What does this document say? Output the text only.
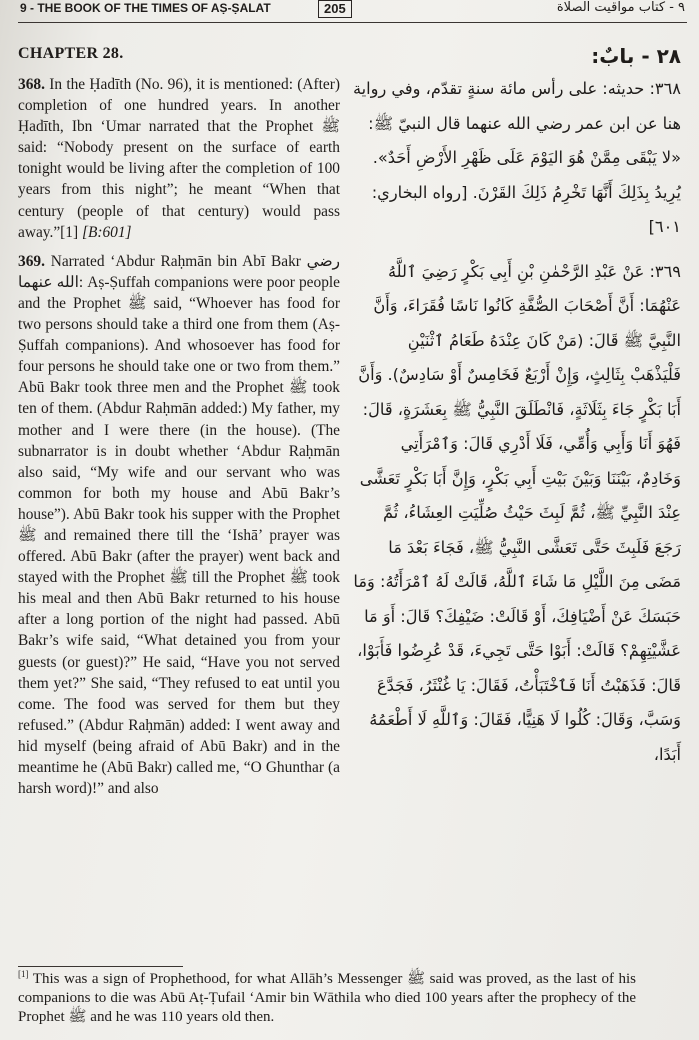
9 - THE BOOK OF THE TIMES OF AṢ-ṢALAT	205	٩ - كتاب مواقيت الصلاة
CHAPTER 28.
368. In the Ḥadīth (No. 96), it is mentioned: (After) completion of one hundred years. In another Ḥadīth, Ibn ‘Umar narrated that the Prophet ﷺ said: “Nobody present on the surface of earth tonight would be living after the completion of 100 years from this night”; he meant “When that century (people of that century) would pass away.”[1] [B:601]
369. Narrated ‘Abdur Raḥmān bin Abī Bakr رضي الله عنهما: Aṣ-Ṣuffah companions were poor people and the Prophet ﷺ said, “Whoever has food for two persons should take a third one from them (Aṣ-Ṣuffah companions). And whosoever has food for four persons he should take one or two from them.” Abū Bakr took three men and the Prophet ﷺ took ten of them. (Abdur Raḥmān added:) My father, my mother and I were there (in the house). (The subnarrator is in doubt whether ‘Abdur Raḥmān also said, “My wife and our servant who was common for both my house and Abū Bakr’s house”). Abū Bakr took his supper with the Prophet ﷺ and remained there till the ‘Ishā’ prayer was offered. Abū Bakr (after the prayer) went back and stayed with the Prophet ﷺ till the Prophet ﷺ took his meal and then Abū Bakr returned to his house after a long portion of the night had passed. Abū Bakr’s wife said, “What detained you from your guests (or guest)?” He said, “Have you not served them yet?” She said, “They refused to eat until you come. The food was served for them but they refused.” (Abdur Raḥmān) added: I went away and hid myself (being afraid of Abū Bakr) and in the meantime he (Abū Bakr) called me, “O Ghunthar (a harsh word)!” and also
٢٨ - بابٌ:
٣٦٨: حديثه: على رأس مائة سنةٍ تقدّم، وفي رواية هنا عن ابن عمر رضي الله عنهما قال النبيّ ﷺ: «لا يَبْقَى مِمَّنْ هُوَ اليَوْمَ عَلَى ظَهْرِ الأَرْضِ أَحَدٌ». يُرِيدُ بِذَلِكَ أَنَّهَا تَخْرِمُ ذَلِكَ القَرْنَ. [رواه البخاري: ٦٠١]
٣٦٩: عَنْ عَبْدِ الرَّحْمٰنِ بْنِ أَبِي بَكْرٍ رَضِيَ ٱللَّهُ عَنْهُمَا: أَنَّ أَصْحَابَ الصُّفَّةِ كَانُوا نَاسًا فُقَرَاءَ، وَأَنَّ النَّبِيَّ ﷺ قَالَ: (مَنْ كَانَ عِنْدَهُ طَعَامُ ٱثْنَيْنِ فَلْيَذْهَبْ بِثَالِثٍ، وَإِنْ أَرْبَعٌ فَخَامِسٌ أَوْ سَادِسٌ). وَأَنَّ أَبَا بَكْرٍ جَاءَ بِثَلَاثَةٍ، فَانْطَلَقَ النَّبِيُّ ﷺ بِعَشَرَةٍ، قَالَ: فَهُوَ أَنَا وَأَبِي وَأُمِّي، فَلَا أَدْرِي قَالَ: وَٱمْرَأَتِي وَخَادِمٌ، بَيْنَنَا وَبَيْنَ بَيْتِ أَبِي بَكْرٍ، وَإِنَّ أَبَا بَكْرٍ تَعَشَّى عِنْدَ النَّبِيِّ ﷺ، ثُمَّ لَبِثَ حَيْثُ صُلِّيَتِ العِشَاءُ، ثُمَّ رَجَعَ فَلَبِثَ حَتَّى تَعَشَّى النَّبِيُّ ﷺ، فَجَاءَ بَعْدَ مَا مَضَى مِنَ اللَّيْلِ مَا شَاءَ ٱللَّهُ، قَالَتْ لَهُ ٱمْرَأَتُهُ: وَمَا حَبَسَكَ عَنْ أَضْيَافِكَ، أَوْ قَالَتْ: ضَيْفِكَ؟ قَالَ: أَوَ مَا عَشَّيْتِهِمْ؟ قَالَتْ: أَبَوْا حَتَّى تَجِيءَ، قَدْ عُرِضُوا فَأَبَوْا، قَالَ: فَذَهَبْتُ أَنَا فَٱخْتَبَأْتُ، فَقَالَ: يَا غُنْثَرُ، فَجَدَّعَ وَسَبَّ، وَقَالَ: كُلُوا لَا هَنِيًّا، فَقَالَ: وَٱللَّهِ لَا أَطْعَمُهُ أَبَدًا،
[1] This was a sign of Prophethood, for what Allāh’s Messenger ﷺ said was proved, as the last of his companions to die was Abū Aṭ-Ṭufail ‘Amir bin Wāthila who died 100 years after the prophecy of the Prophet ﷺ and he was 110 years old then.
